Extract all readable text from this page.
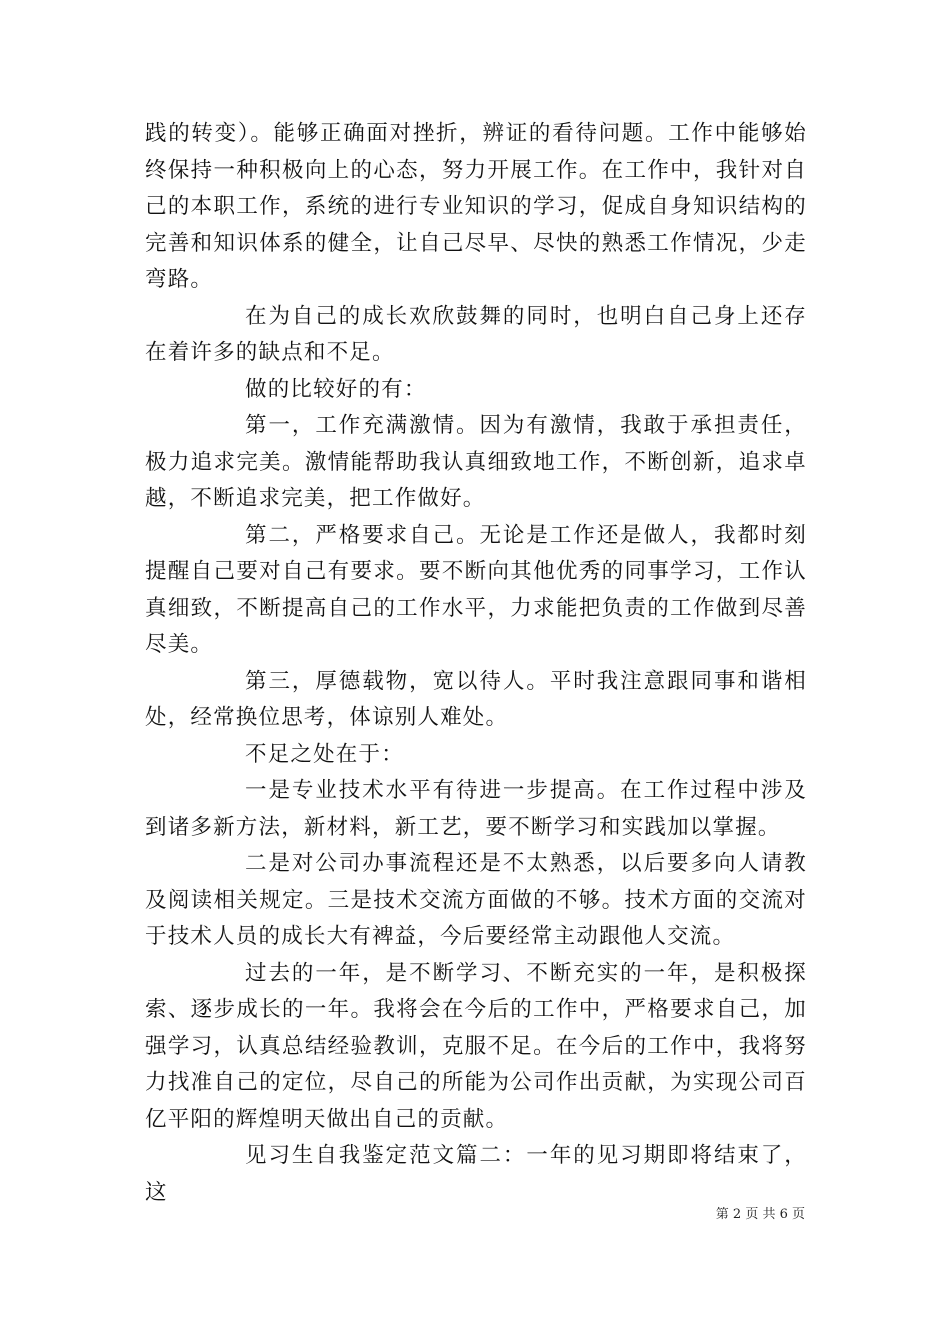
践的转变）。能够正确面对挫折，辨证的看待问题。工作中能够始终保持一种积极向上的心态，努力开展工作。在工作中，我针对自己的本职工作，系统的进行专业知识的学习，促成自身知识结构的完善和知识体系的健全，让自己尽早、尽快的熟悉工作情况，少走弯路。

在为自己的成长欢欣鼓舞的同时，也明白自己身上还存在着许多的缺点和不足。

做的比较好的有：

第一，工作充满激情。因为有激情，我敢于承担责任，极力追求完美。激情能帮助我认真细致地工作，不断创新，追求卓越，不断追求完美，把工作做好。

第二，严格要求自己。无论是工作还是做人，我都时刻提醒自己要对自己有要求。要不断向其他优秀的同事学习，工作认真细致，不断提高自己的工作水平，力求能把负责的工作做到尽善尽美。

第三，厚德载物，宽以待人。平时我注意跟同事和谐相处，经常换位思考，体谅别人难处。

不足之处在于：

一是专业技术水平有待进一步提高。在工作过程中涉及到诸多新方法，新材料，新工艺，要不断学习和实践加以掌握。

二是对公司办事流程还是不太熟悉，以后要多向人请教及阅读相关规定。三是技术交流方面做的不够。技术方面的交流对于技术人员的成长大有裨益，今后要经常主动跟他人交流。

过去的一年，是不断学习、不断充实的一年，是积极探索、逐步成长的一年。我将会在今后的工作中，严格要求自己，加强学习，认真总结经验教训，克服不足。在今后的工作中，我将努力找准自己的定位，尽自己的所能为公司作出贡献，为实现公司百亿平阳的辉煌明天做出自己的贡献。

见习生自我鉴定范文篇二：一年的见习期即将结束了，这

第 2 页 共 6 页
